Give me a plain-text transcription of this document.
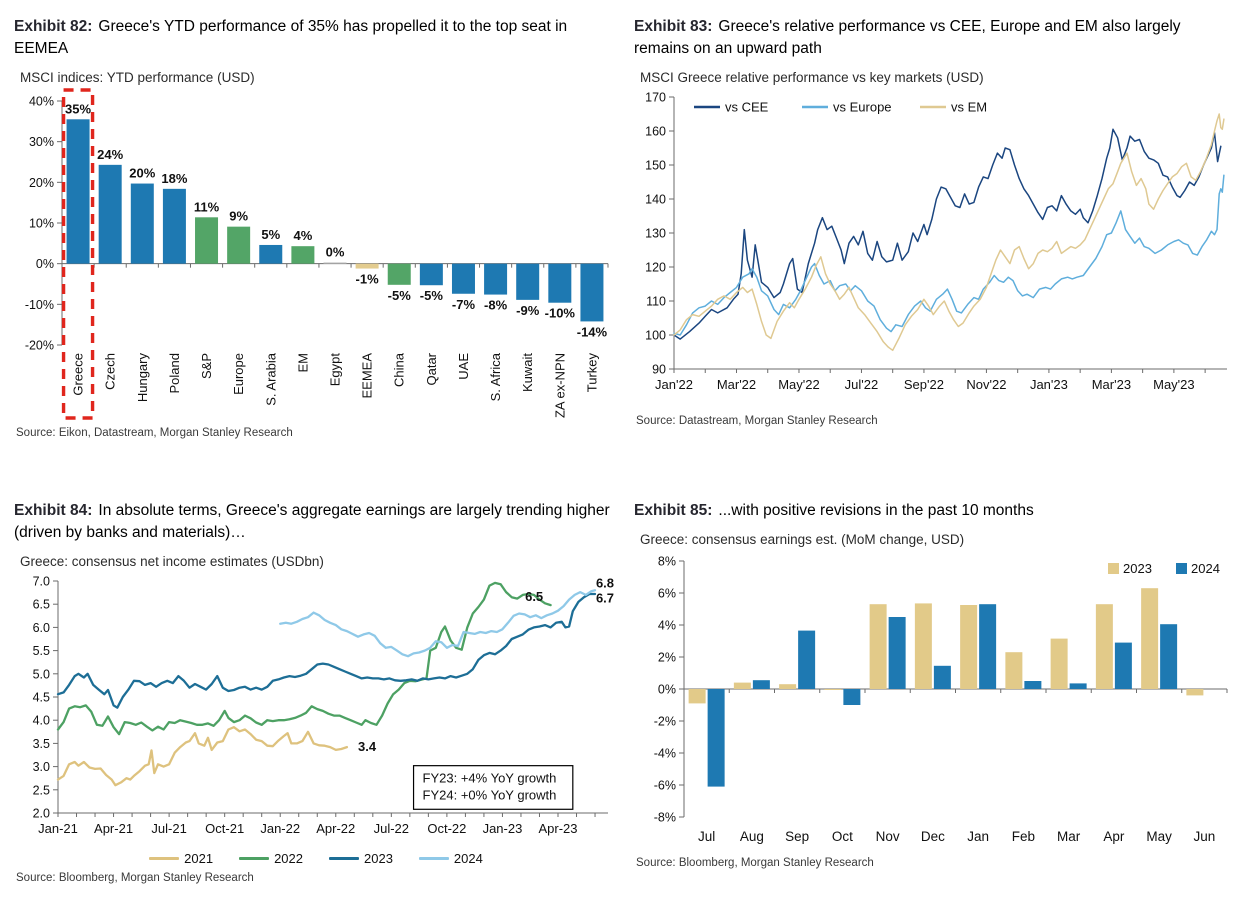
Exhibit 82: Greece's YTD performance of 35% has propelled it to the top seat in EEMEA
MSCI indices: YTD performance (USD)
40%
30%
20%
10%
0%
-10%
-20%
35%
Greece
24%
Czech
20%
Hungary
18%
Poland
11%
S&P
9%
Europe
5%
S. Arabia
4%
EM
0%
Egypt
-1%
EEMEA
-5%
China
-5%
Qatar
-7%
UAE
-8%
S. Africa
-9%
Kuwait
-10%
ZA ex-NPN
-14%
Turkey
Source: Eikon, Datastream, Morgan Stanley Research
Exhibit 83: Greece's relative performance vs CEE, Europe and EM also largely remains on an upward path
MSCI Greece relative performance vs key markets (USD)
170
160
150
140
130
120
110
100
90
Jan'22 Mar'22 May'22 Jul'22 Sep'22 Nov'22 Jan'23 Mar'23 May'23
vs CEE	vs Europe	vs EM
Source: Datastream, Morgan Stanley Research
Exhibit 84: In absolute terms, Greece's aggregate earnings are largely trending higher (driven by banks and materials)…
Greece: consensus net income estimates (USDbn)
7.0
6.5
6.0
5.5
5.0
4.5
4.0
3.5
3.0
2.5
2.0
Jan-21 Apr-21 Jul-21 Oct-21 Jan-22 Apr-22 Jul-22 Oct-22 Jan-23 Apr-23
3.4
6.5
6.8
6.7
FY23: +4% YoY growth
FY24: +0% YoY growth
2021	2022	2023	2024
Source: Bloomberg, Morgan Stanley Research
Exhibit 85: ...with positive revisions in the past 10 months
Greece: consensus earnings est. (MoM change, USD)
8%
6%
4%
2%
0%
-2%
-4%
-6%
-8%
Jul Aug Sep Oct Nov Dec Jan Feb Mar Apr May Jun
2023	2024
Source: Bloomberg, Morgan Stanley Research
